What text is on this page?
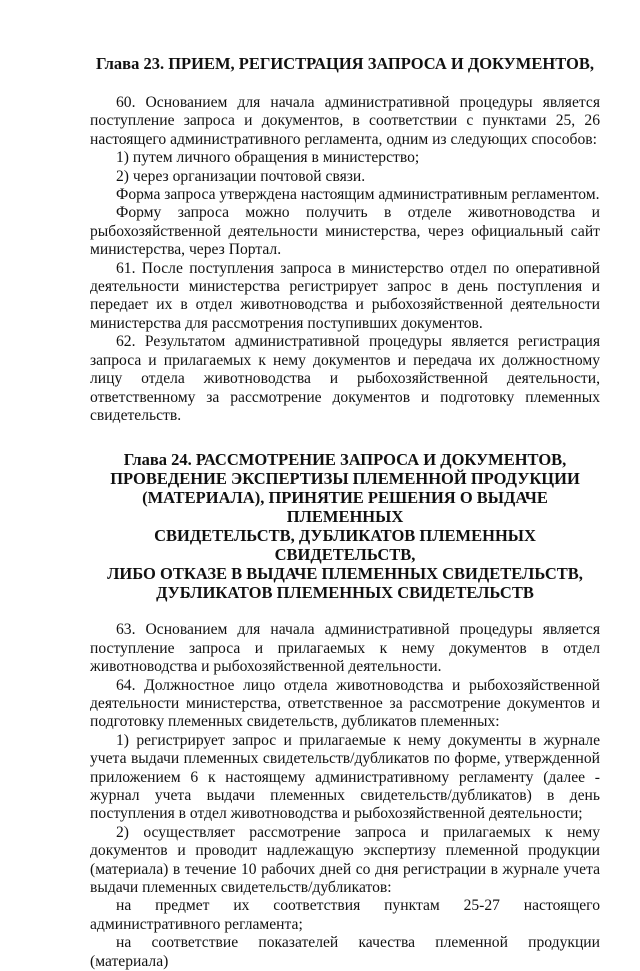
Глава 23. ПРИЕМ, РЕГИСТРАЦИЯ ЗАПРОСА И ДОКУМЕНТОВ,

60. Основанием для начала административной процедуры является поступление запроса и документов, в соответствии с пунктами 25, 26 настоящего административного регламента, одним из следующих способов:

1) путем личного обращения в министерство;

2) через организации почтовой связи.

Форма запроса утверждена настоящим административным регламентом.

Форму запроса можно получить в отделе животноводства и рыбохозяйственной деятельности министерства, через официальный сайт министерства, через Портал.

61. После поступления запроса в министерство отдел по оперативной деятельности министерства регистрирует запрос в день поступления и передает их в отдел животноводства и рыбохозяйственной деятельности министерства для рассмотрения поступивших документов.

62. Результатом административной процедуры является регистрация запроса и прилагаемых к нему документов и передача их должностному лицу отдела животноводства и рыбохозяйственной деятельности, ответственному за рассмотрение документов и подготовку племенных свидетельств.

Глава 24. РАССМОТРЕНИЕ ЗАПРОСА И ДОКУМЕНТОВ,
ПРОВЕДЕНИЕ ЭКСПЕРТИЗЫ ПЛЕМЕННОЙ ПРОДУКЦИИ
(МАТЕРИАЛА), ПРИНЯТИЕ РЕШЕНИЯ О ВЫДАЧЕ ПЛЕМЕННЫХ
СВИДЕТЕЛЬСТВ, ДУБЛИКАТОВ ПЛЕМЕННЫХ СВИДЕТЕЛЬСТВ,
ЛИБО ОТКАЗЕ В ВЫДАЧЕ ПЛЕМЕННЫХ СВИДЕТЕЛЬСТВ,
ДУБЛИКАТОВ ПЛЕМЕННЫХ СВИДЕТЕЛЬСТВ

63. Основанием для начала административной процедуры является поступление запроса и прилагаемых к нему документов в отдел животноводства и рыбохозяйственной деятельности.

64. Должностное лицо отдела животноводства и рыбохозяйственной деятельности министерства, ответственное за рассмотрение документов и подготовку племенных свидетельств, дубликатов племенных:

1) регистрирует запрос и прилагаемые к нему документы в журнале учета выдачи племенных свидетельств/дубликатов по форме, утвержденной приложением 6 к настоящему административному регламенту (далее - журнал учета выдачи племенных свидетельств/дубликатов) в день поступления в отдел животноводства и рыбохозяйственной деятельности;

2) осуществляет рассмотрение запроса и прилагаемых к нему документов и проводит надлежащую экспертизу племенной продукции (материала) в течение 10 рабочих дней со дня регистрации в журнале учета выдачи племенных свидетельств/дубликатов:

на предмет их соответствия пунктам 25-27 настоящего административного регламента;

на соответствие показателей качества племенной продукции (материала)
